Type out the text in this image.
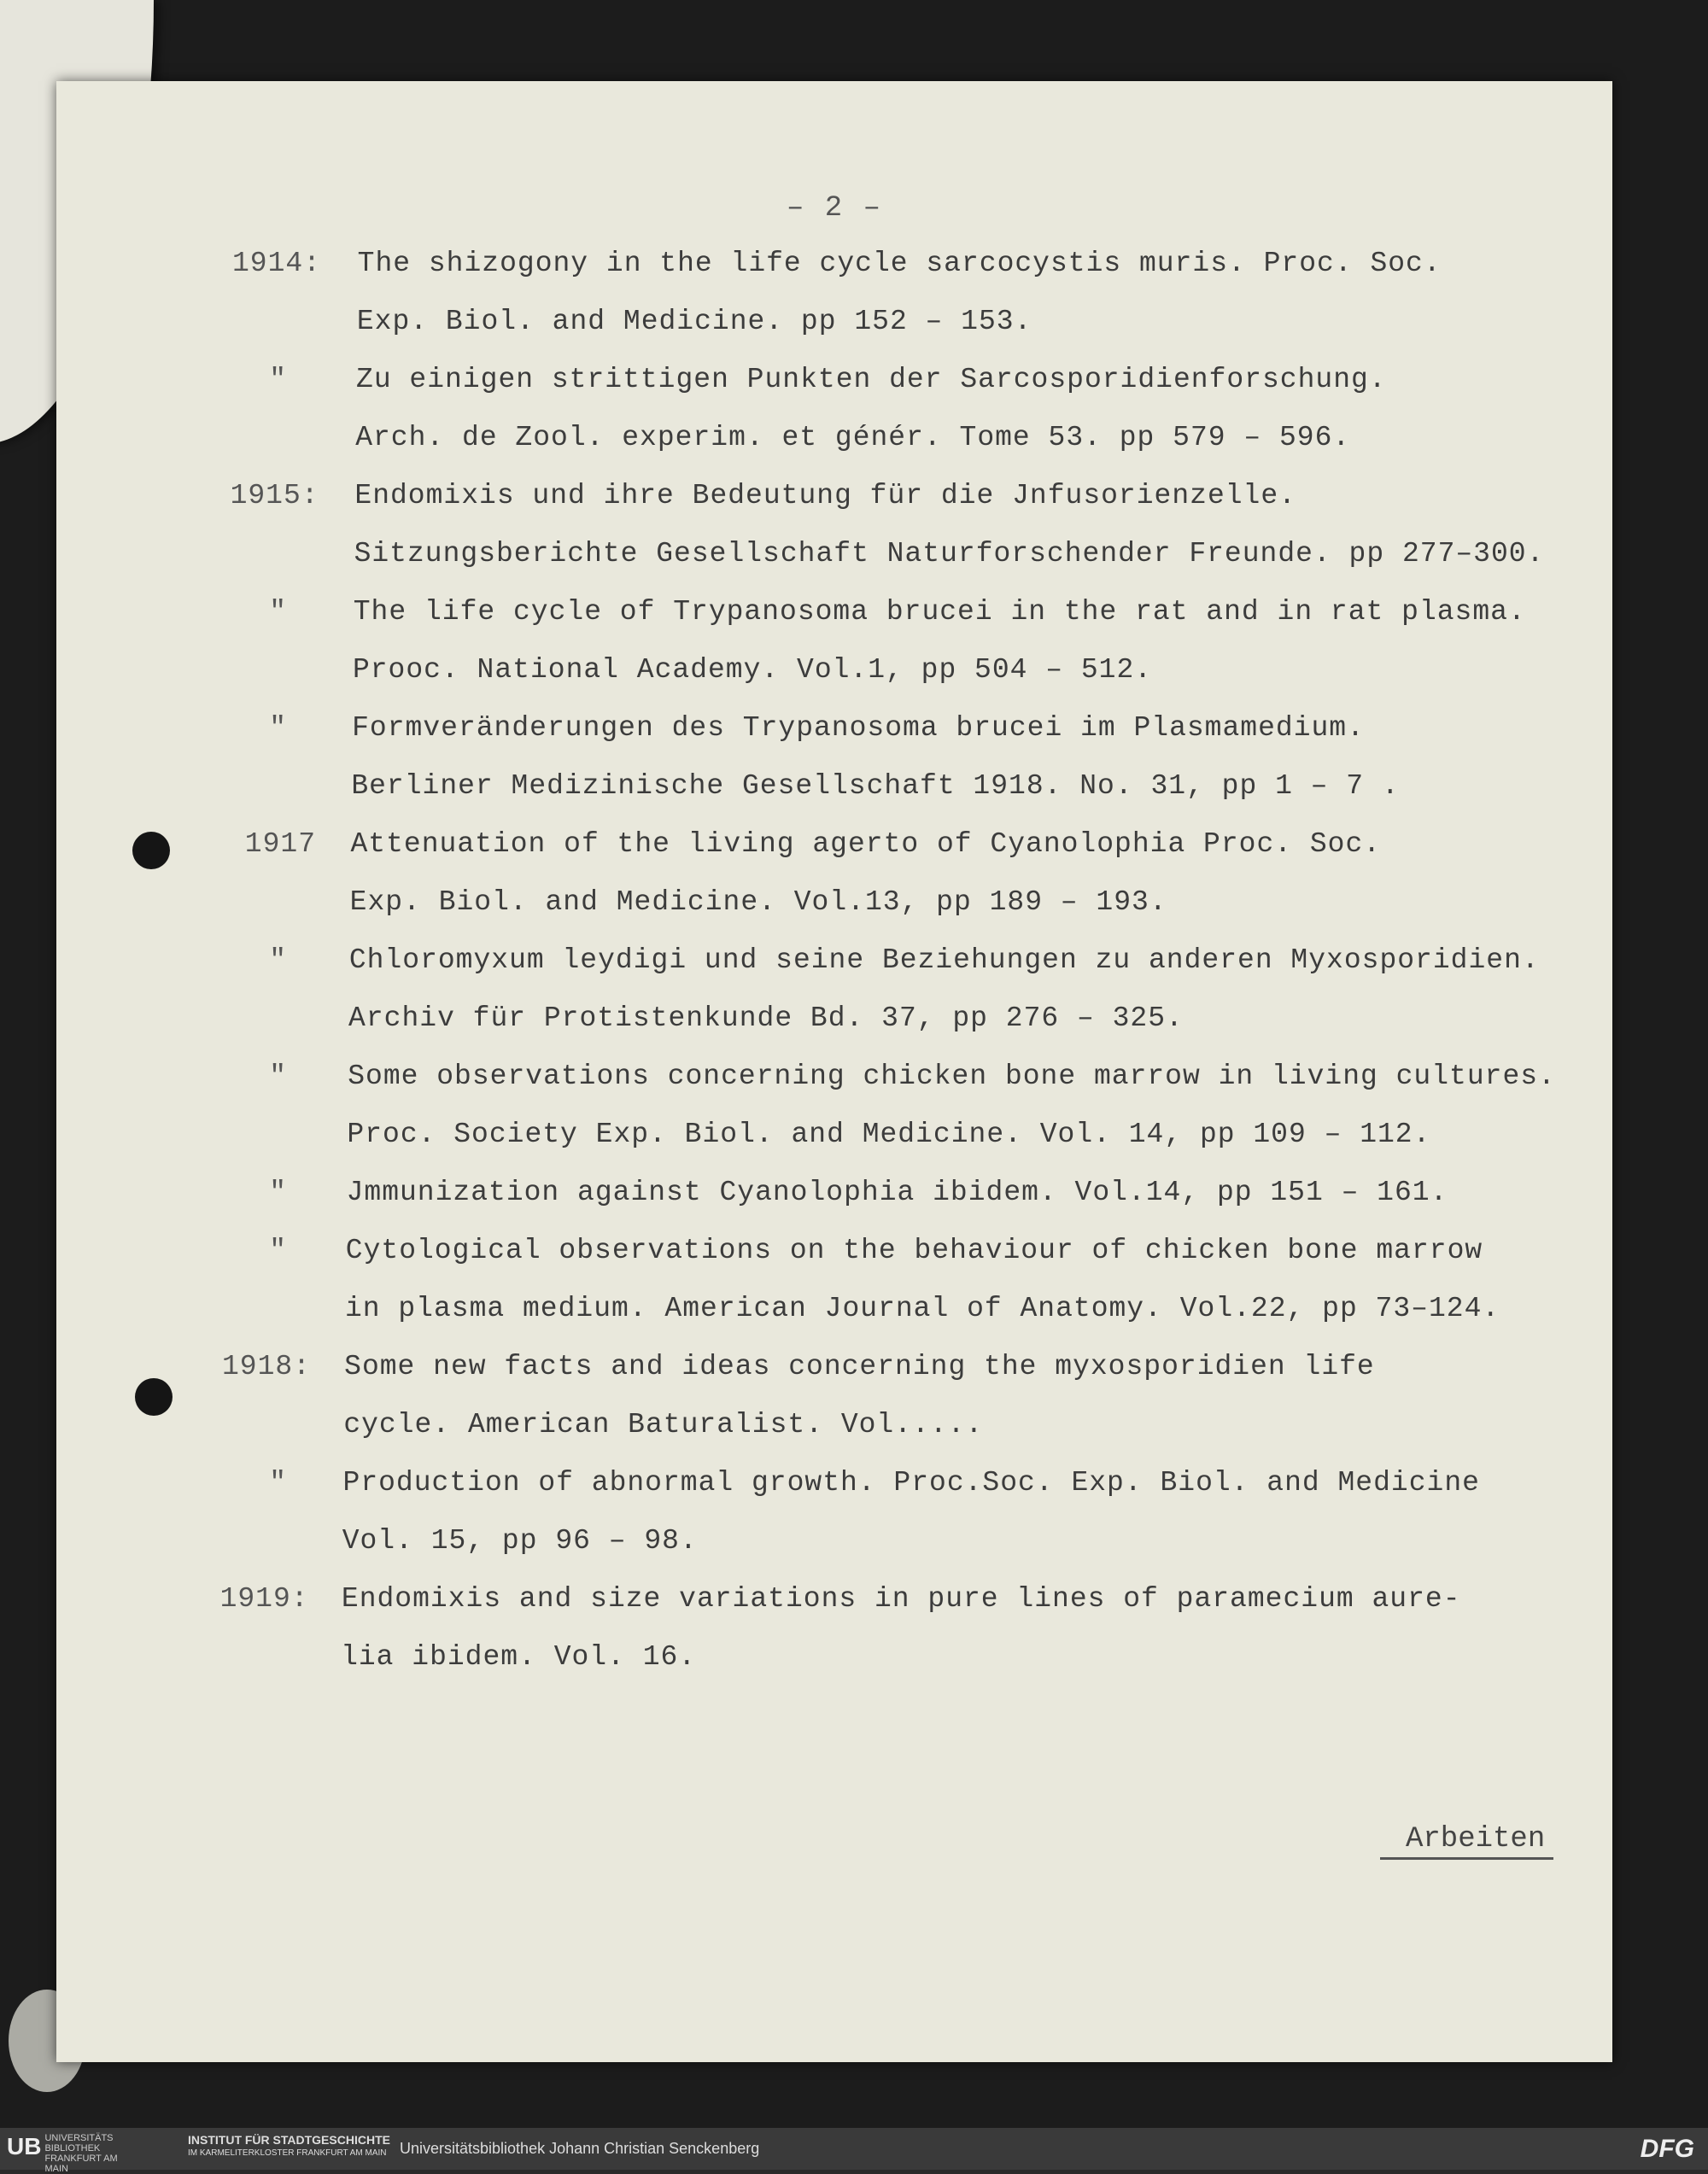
– 2 –
1914: The shizogony in the life cycle sarcocystis muris. Proc. Soc.
Exp. Biol. and Medicine. pp 152 – 153.
" Zu einigen strittigen Punkten der Sarcosporidienforschung.
Arch. de Zool. experim. et génér. Tome 53. pp 579 – 596.
1915: Endomixis und ihre Bedeutung für die Jnfusorienzelle.
Sitzungsberichte Gesellschaft Naturforschender Freunde. pp 277–300.
" The life cycle of Trypanosoma brucei in the rat and in rat plasma.
Prooc. National Academy. Vol.1, pp 504 – 512.
" Formveränderungen des Trypanosoma brucei im Plasmamedium.
Berliner Medizinische Gesellschaft 1918. No. 31, pp 1 – 7 .
1917 Attenuation of the living agerto of Cyanolophia Proc. Soc.
Exp. Biol. and Medicine. Vol.13, pp 189 – 193.
" Chloromyxum leydigi und seine Beziehungen zu anderen Myxosporidien.
Archiv für Protistenkunde Bd. 37, pp 276 – 325.
" Some observations concerning chicken bone marrow in living cultures.
Proc. Society Exp. Biol. and Medicine. Vol. 14, pp 109 – 112.
" Jmmunization against Cyanolophia ibidem. Vol.14, pp 151 – 161.
" Cytological observations on the behaviour of chicken bone marrow
in plasma medium. American Journal of Anatomy. Vol.22, pp 73–124.
1918: Some new facts and ideas concerning the myxosporidien life
cycle. American Baturalist. Vol.....
" Production of abnormal growth. Proc.Soc. Exp. Biol. and Medicine
Vol. 15, pp 96 – 98.
1919: Endomixis and size variations in pure lines of paramecium aure-
lia ibidem. Vol. 16.
Arbeiten
UB UNIVERSITÄTS BIBLIOTHEK FRANKFURT AM MAIN
INSTITUT FÜR STADTGESCHICHTE
IM KARMELITERKLOSTER FRANKFURT AM MAIN Universitätsbibliothek Johann Christian Senckenberg	DFG
